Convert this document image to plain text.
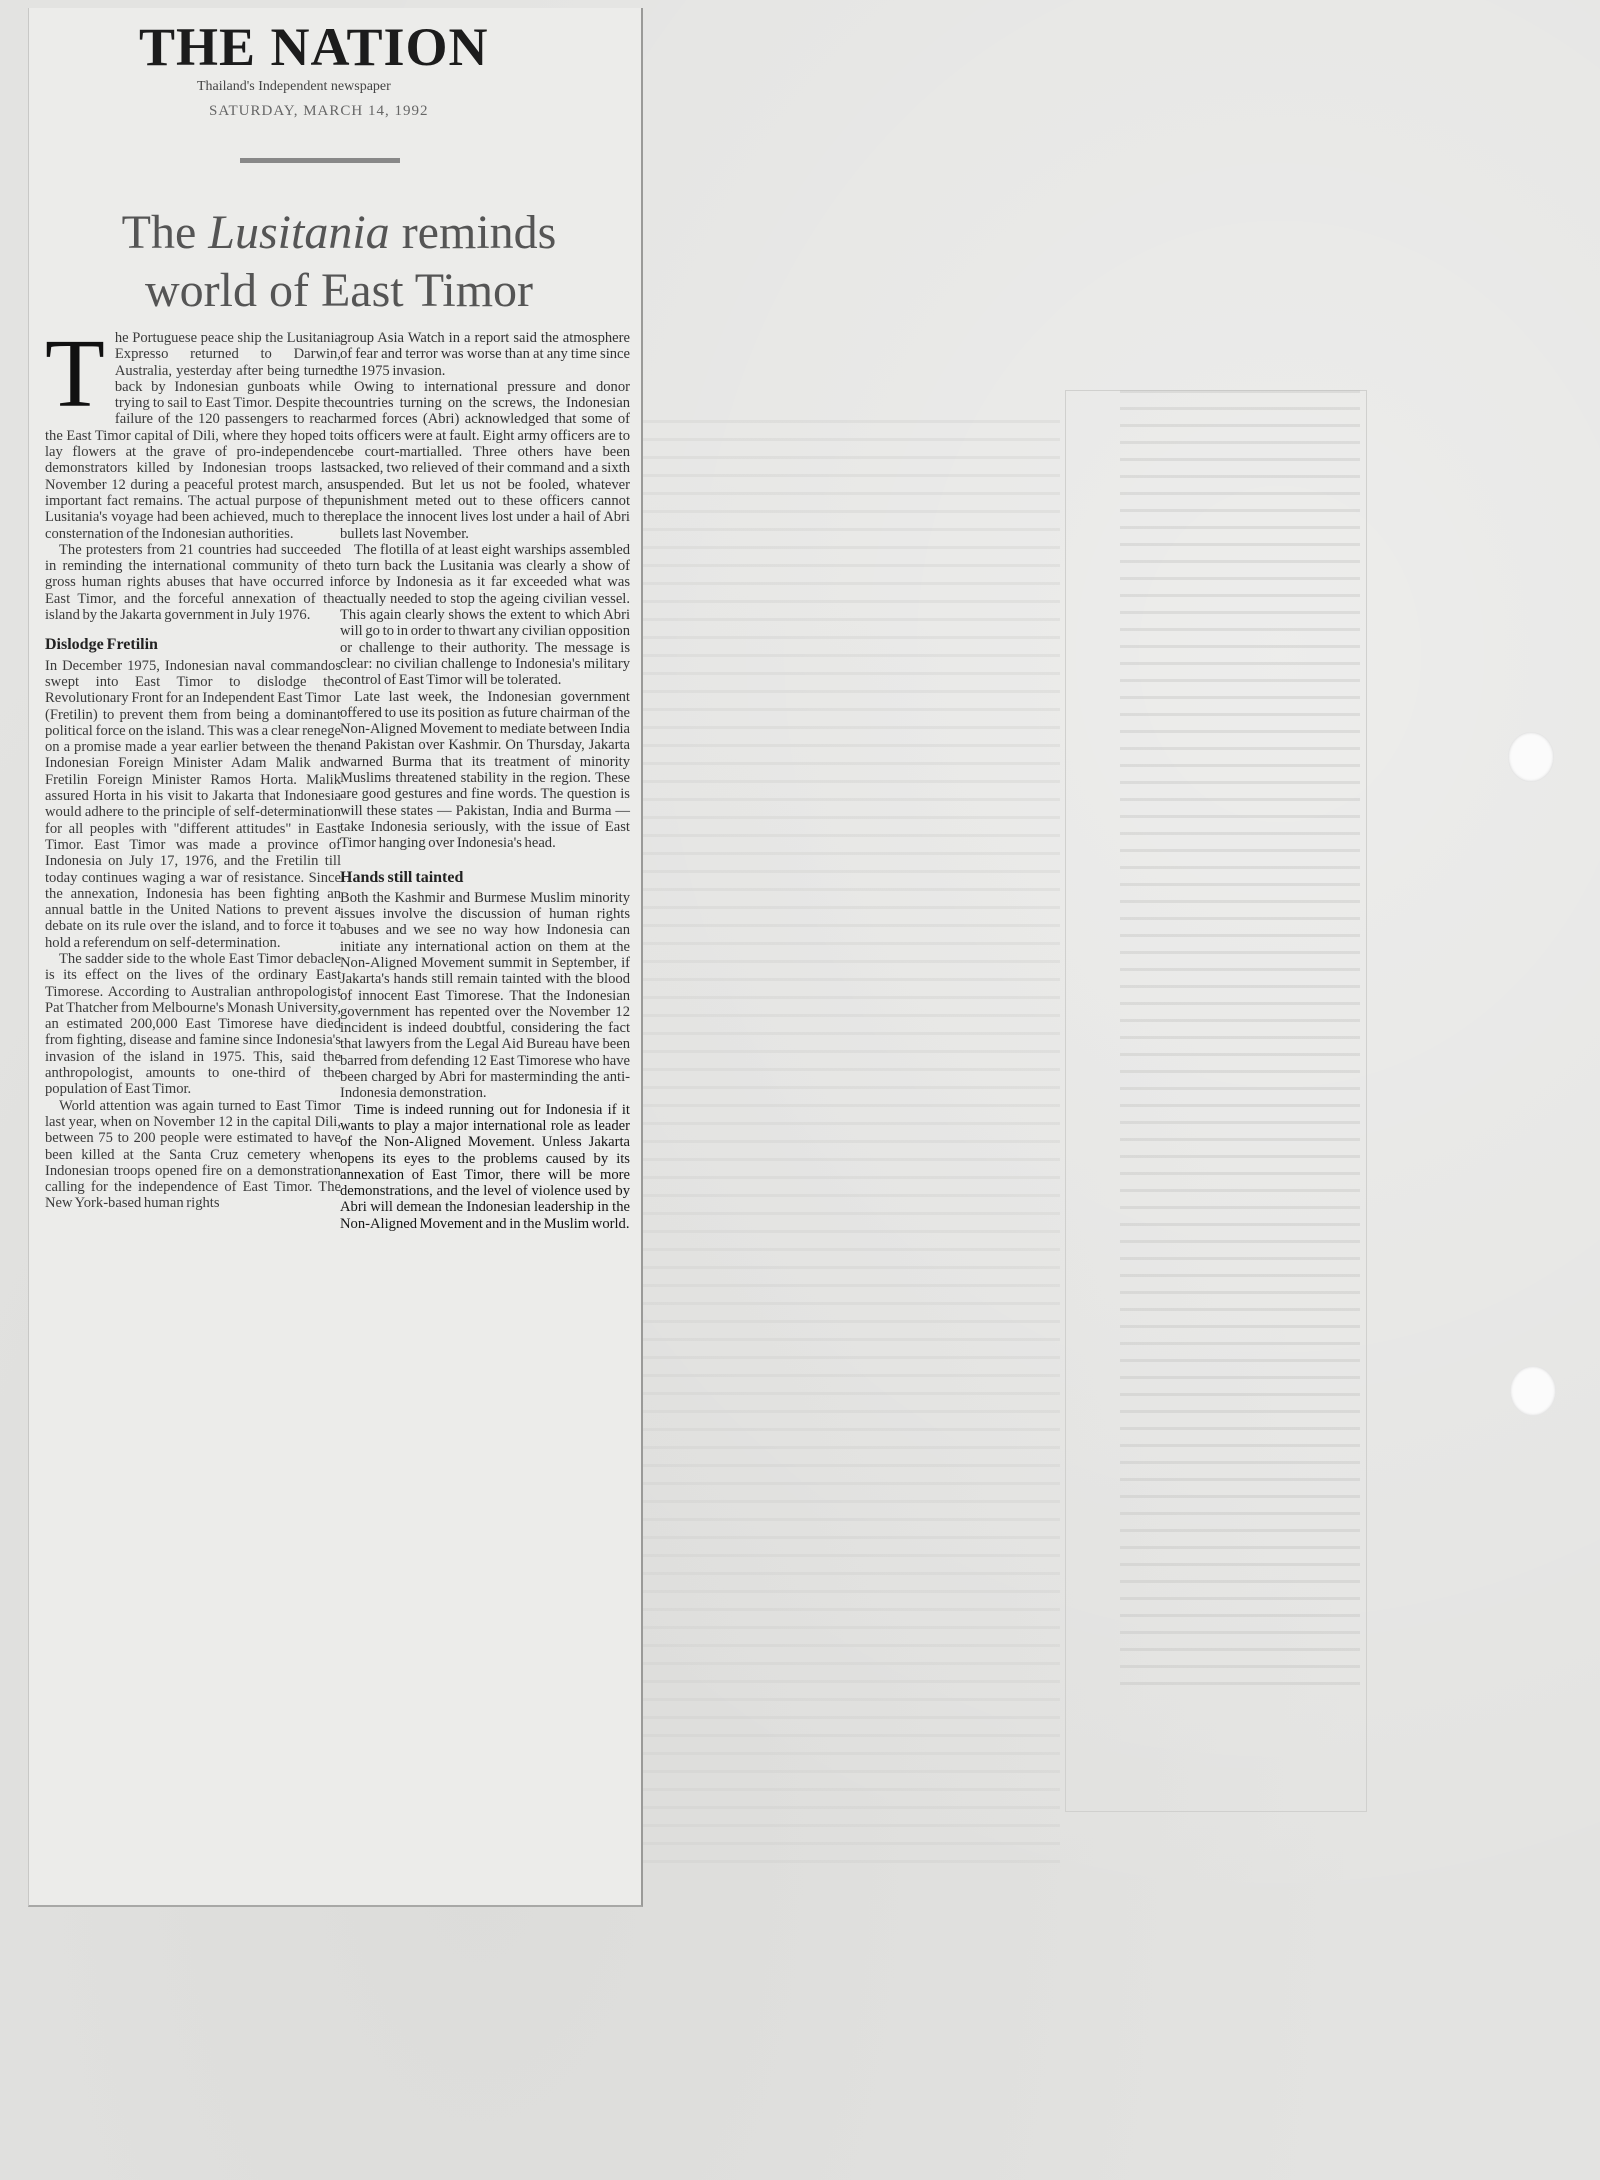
THE NATION
Thailand's Independent newspaper
SATURDAY, MARCH 14, 1992
The Lusitania reminds
world of East Timor

The Portuguese peace ship the Lusitania Expresso returned to Darwin, Australia, yesterday after being turned back by Indonesian gunboats while trying to sail to East Timor. Despite the failure of the 120 passengers to reach the East Timor capital of Dili, where they hoped to lay flowers at the grave of pro-independence demonstrators killed by Indonesian troops last November 12 during a peaceful protest march, an important fact remains. The actual purpose of the Lusitania's voyage had been achieved, much to the consternation of the Indonesian authorities.

The protesters from 21 countries had succeeded in reminding the international community of the gross human rights abuses that have occurred in East Timor, and the forceful annexation of the island by the Jakarta government in July 1976.

Dislodge Fretilin

In December 1975, Indonesian naval commandos swept into East Timor to dislodge the Revolutionary Front for an Independent East Timor (Fretilin) to prevent them from being a dominant political force on the island. This was a clear renege on a promise made a year earlier between the then Indonesian Foreign Minister Adam Malik and Fretilin Foreign Minister Ramos Horta. Malik assured Horta in his visit to Jakarta that Indonesia would adhere to the principle of self-determination for all peoples with "different attitudes" in East Timor. East Timor was made a province of Indonesia on July 17, 1976, and the Fretilin till today continues waging a war of resistance. Since the annexation, Indonesia has been fighting an annual battle in the United Nations to prevent a debate on its rule over the island, and to force it to hold a referendum on self-determination.

The sadder side to the whole East Timor debacle is its effect on the lives of the ordinary East Timorese. According to Australian anthropologist Pat Thatcher from Melbourne's Monash University, an estimated 200,000 East Timorese have died from fighting, disease and famine since Indonesia's invasion of the island in 1975. This, said the anthropologist, amounts to one-third of the population of East Timor.

World attention was again turned to East Timor last year, when on November 12 in the capital Dili, between 75 to 200 people were estimated to have been killed at the Santa Cruz cemetery when Indonesian troops opened fire on a demonstration calling for the independence of East Timor. The New York-based human rights

group Asia Watch in a report said the atmosphere of fear and terror was worse than at any time since the 1975 invasion.

Owing to international pressure and donor countries turning on the screws, the Indonesian armed forces (Abri) acknowledged that some of its officers were at fault. Eight army officers are to be court-martialled. Three others have been sacked, two relieved of their command and a sixth suspended. But let us not be fooled, whatever punishment meted out to these officers cannot replace the innocent lives lost under a hail of Abri bullets last November.

The flotilla of at least eight warships assembled to turn back the Lusitania was clearly a show of force by Indonesia as it far exceeded what was actually needed to stop the ageing civilian vessel. This again clearly shows the extent to which Abri will go to in order to thwart any civilian opposition or challenge to their authority. The message is clear: no civilian challenge to Indonesia's military control of East Timor will be tolerated.

Late last week, the Indonesian government offered to use its position as future chairman of the Non-Aligned Movement to mediate between India and Pakistan over Kashmir. On Thursday, Jakarta warned Burma that its treatment of minority Muslims threatened stability in the region. These are good gestures and fine words. The question is will these states — Pakistan, India and Burma — take Indonesia seriously, with the issue of East Timor hanging over Indonesia's head.

Hands still tainted

Both the Kashmir and Burmese Muslim minority issues involve the discussion of human rights abuses and we see no way how Indonesia can initiate any international action on them at the Non-Aligned Movement summit in September, if Jakarta's hands still remain tainted with the blood of innocent East Timorese. That the Indonesian government has repented over the November 12 incident is indeed doubtful, considering the fact that lawyers from the Legal Aid Bureau have been barred from defending 12 East Timorese who have been charged by Abri for masterminding the anti-Indonesia demonstration.

Time is indeed running out for Indonesia if it wants to play a major international role as leader of the Non-Aligned Movement. Unless Jakarta opens its eyes to the problems caused by its annexation of East Timor, there will be more demonstrations, and the level of violence used by Abri will demean the Indonesian leadership in the Non-Aligned Movement and in the Muslim world.
